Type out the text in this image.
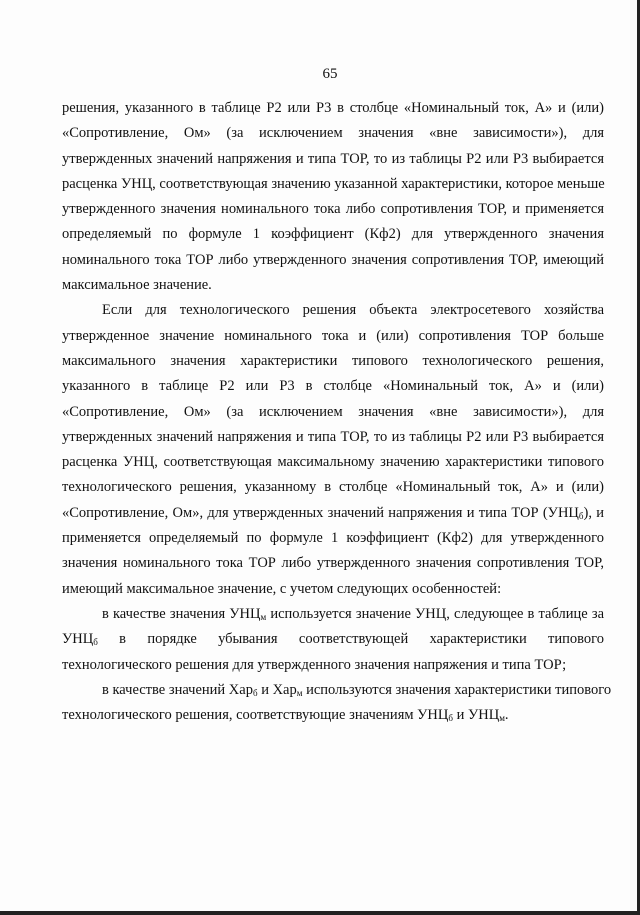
65
решения, указанного в таблице Р2 или Р3 в столбце «Номинальный ток, А» и (или)
«Сопротивление, Ом» (за исключением значения «вне зависимости»), для
утвержденных значений напряжения и типа ТОР, то из таблицы Р2 или Р3 выбирается
расценка УНЦ, соответствующая значению указанной характеристики, которое меньше
утвержденного значения номинального тока либо сопротивления ТОР, и применяется
определяемый по формуле 1 коэффициент (Кф2) для утвержденного значения
номинального тока ТОР либо утвержденного значения сопротивления ТОР, имеющий
максимальное значение.
Если для технологического решения объекта электросетевого хозяйства
утвержденное значение номинального тока и (или) сопротивления ТОР больше
максимального значения характеристики типового технологического решения,
указанного в таблице Р2 или Р3 в столбце «Номинальный ток, А» и (или)
«Сопротивление, Ом» (за исключением значения «вне зависимости»), для
утвержденных значений напряжения и типа ТОР, то из таблицы Р2 или Р3 выбирается
расценка УНЦ, соответствующая максимальному значению характеристики типового
технологического решения, указанному в столбце «Номинальный ток, А» и (или)
«Сопротивление, Ом», для утвержденных значений напряжения и типа ТОР $(УНЦ_б)$, и
применяется определяемый по формуле 1 коэффициент (Кф2) для утвержденного
значения номинального тока ТОР либо утвержденного значения сопротивления ТОР,
имеющий максимальное значение, с учетом следующих особенностей:
в качестве значения $УНЦ_м$ используется значение УНЦ, следующее в таблице за
$УНЦ_б$ в порядке убывания соответствующей характеристики типового
технологического решения для утвержденного значения напряжения и типа ТОР;
в качестве значений Хар$_б$ и Хар$_м$ используются значения характеристики типового
технологического решения, соответствующие значениям $УНЦ_б$ и $УНЦ_м$.
